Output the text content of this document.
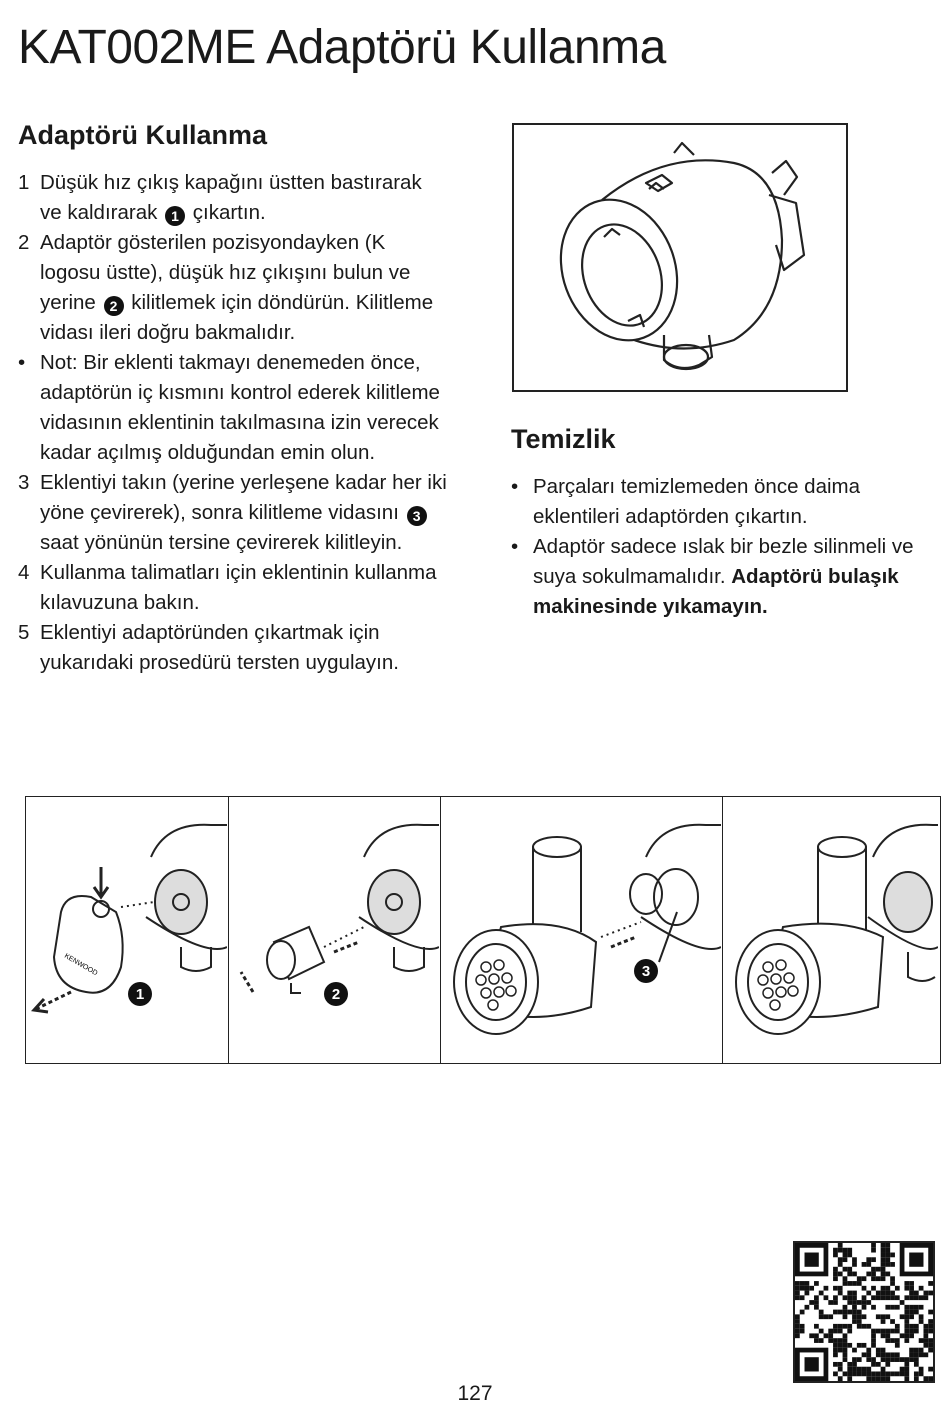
KAT002ME Adaptörü Kullanma
Adaptörü Kullanma
1 Düşük hız çıkış kapağını üstten bastırarak ve kaldırarak 1 çıkartın.
2 Adaptör gösterilen pozisyondayken (K logosu üstte), düşük hız çıkışını bulun ve yerine 2 kilitlemek için döndürün. Kilitleme vidası ileri doğru bakmalıdır.
• Not: Bir eklenti takmayı denemeden önce, adaptörün iç kısmını kontrol ederek kilitleme vidasının eklentinin takılmasına izin verecek kadar açılmış olduğundan emin olun.
3 Eklentiyi takın (yerine yerleşene kadar her iki yöne çevirerek), sonra kilitleme vidasını 3 saat yönünün tersine çevirerek kilitleyin.
4 Kullanma talimatları için eklentinin kullanma kılavuzuna bakın.
5 Eklentiyi adaptöründen çıkartmak için yukarıdaki prosedürü tersten uygulayın.
Temizlik
• Parçaları temizlemeden önce daima eklentileri adaptörden çıkartın.
• Adaptör sadece ıslak bir bezle silinmeli ve suya sokulmamalıdır. Adaptörü bulaşık makinesinde yıkamayın.
KENWOOD
1	2
3
127
